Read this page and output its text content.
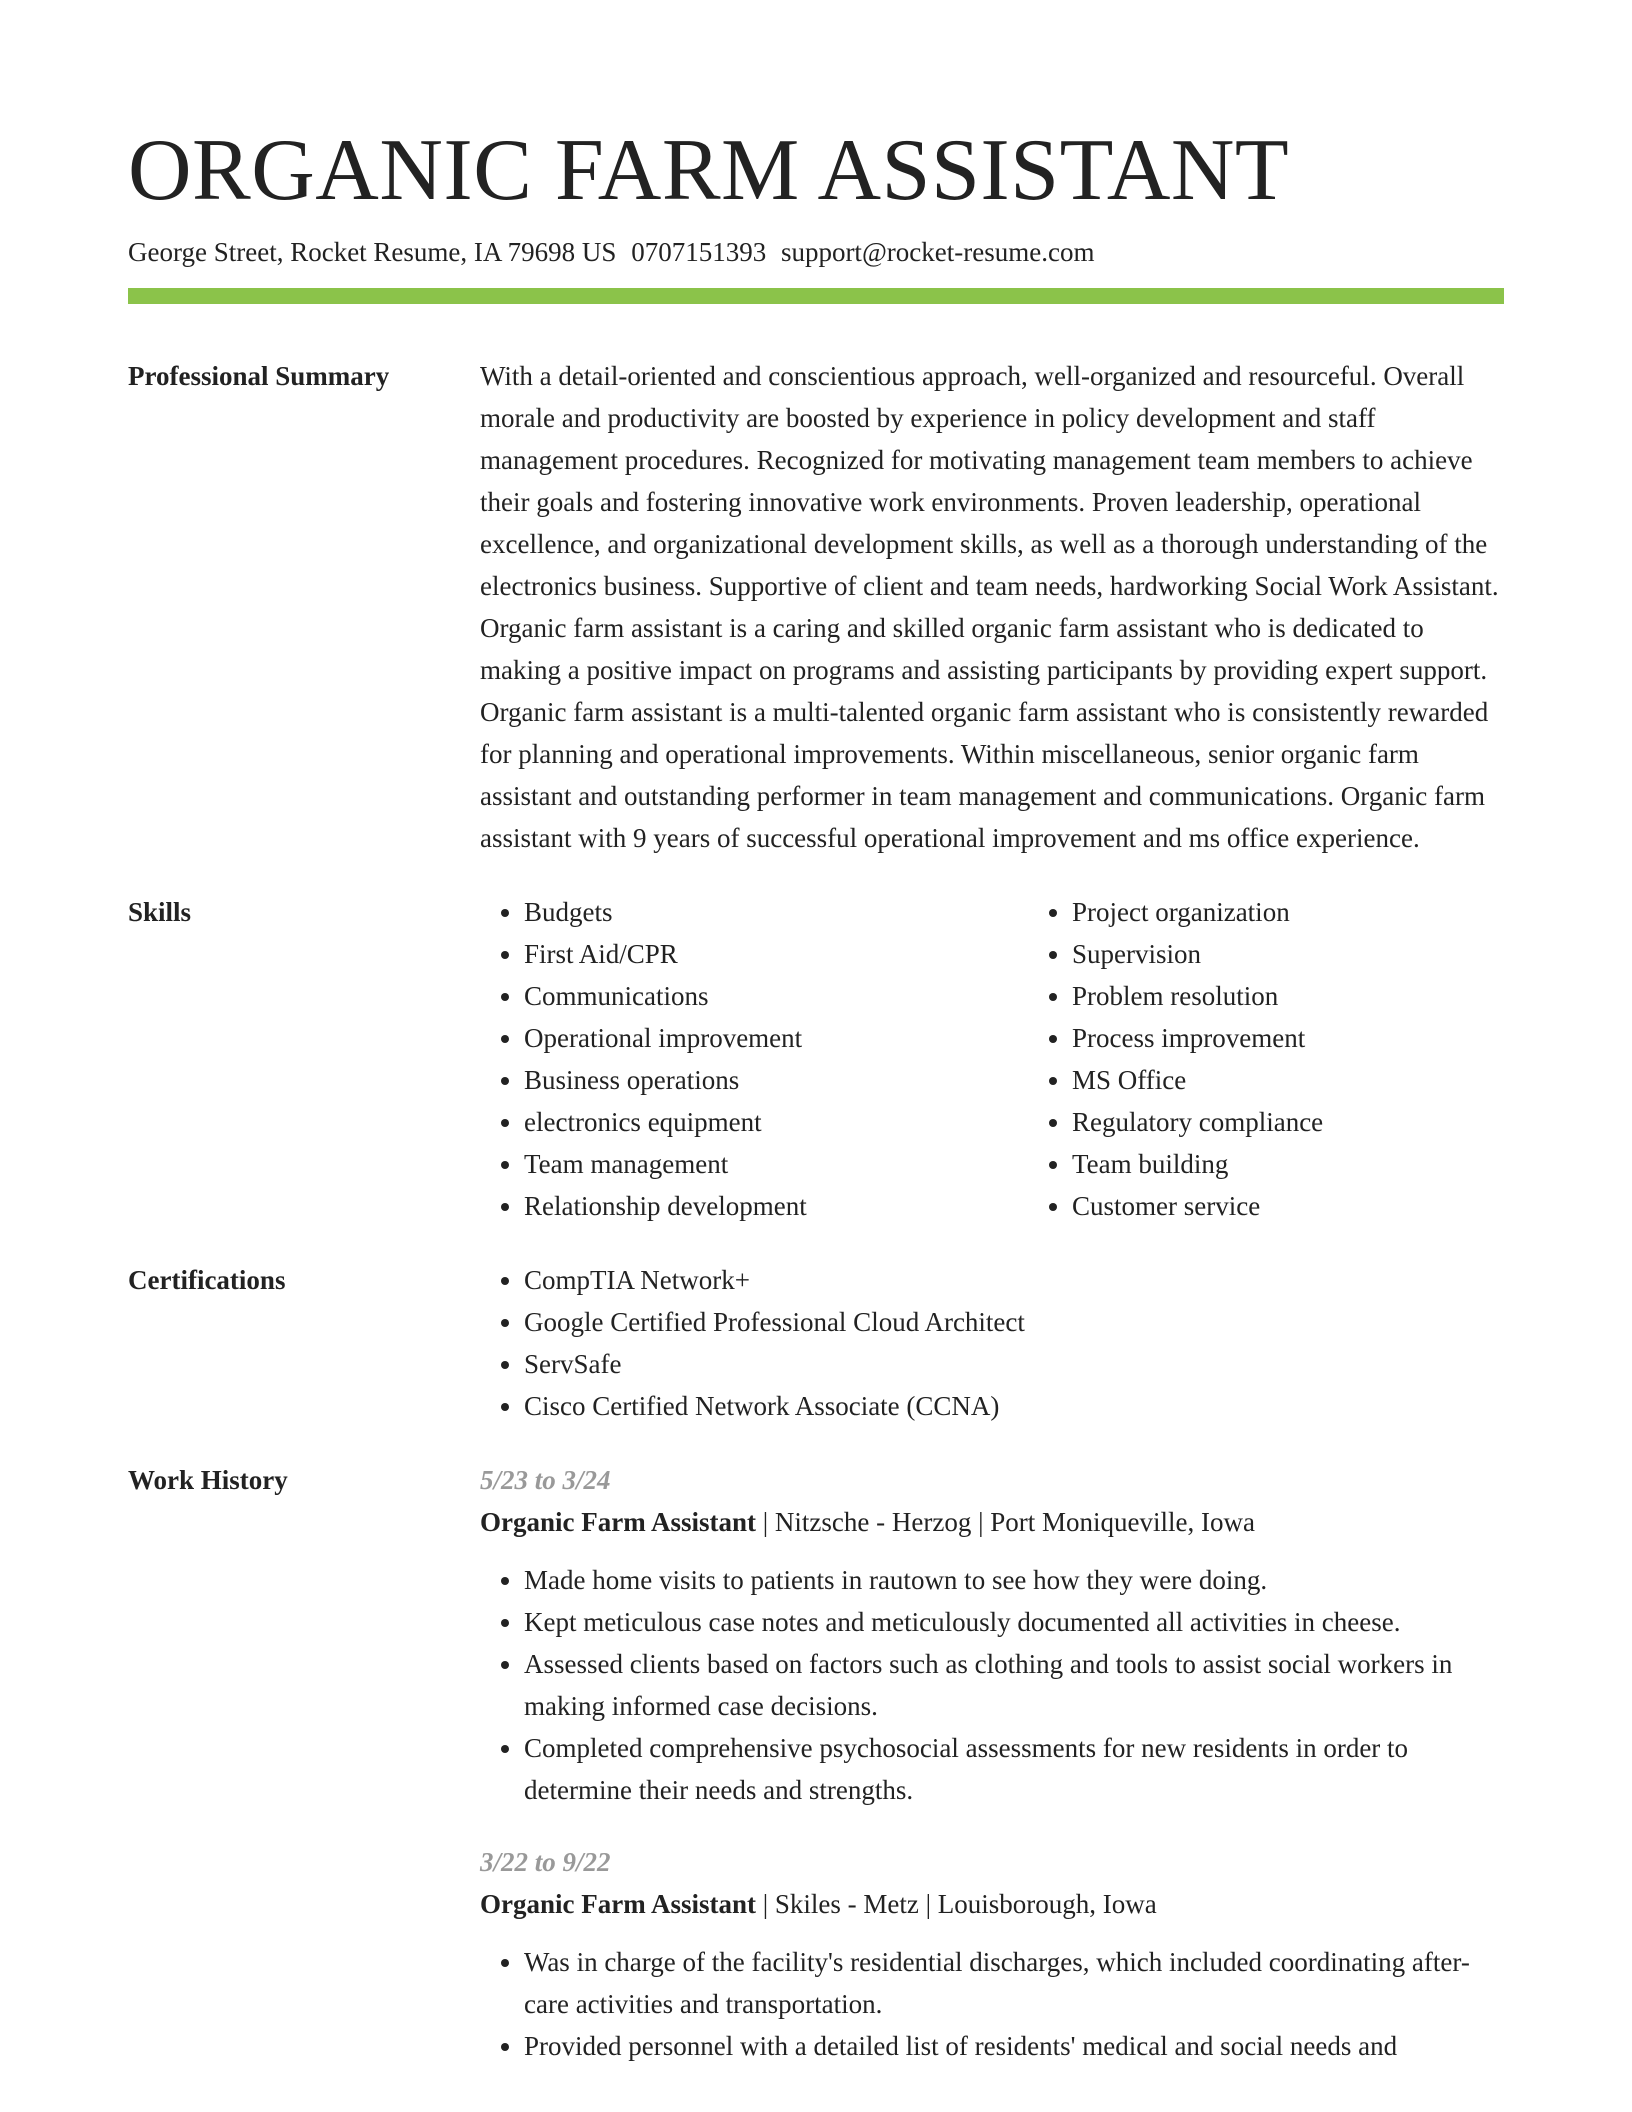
ORGANIC FARM ASSISTANT
George Street, Rocket Resume, IA 79698 US 0707151393 support@rocket-resume.com
Professional Summary	With a detail-oriented and conscientious approach, well-organized and resourceful. Overall morale and productivity are boosted by experience in policy development and staff management procedures. Recognized for motivating management team members to achieve their goals and fostering innovative work environments. Proven leadership, operational excellence, and organizational development skills, as well as a thorough understanding of the electronics business. Supportive of client and team needs, hardworking Social Work Assistant. Organic farm assistant is a caring and skilled organic farm assistant who is dedicated to making a positive impact on programs and assisting participants by providing expert support. Organic farm assistant is a multi-talented organic farm assistant who is consistently rewarded for planning and operational improvements. Within miscellaneous, senior organic farm assistant and outstanding performer in team management and communications. Organic farm assistant with 9 years of successful operational improvement and ms office experience.
Skills	• Budgets
• First Aid/CPR
• Communications
• Operational improvement
• Business operations
• electronics equipment
• Team management
• Relationship development
• Project organization
• Supervision
• Problem resolution
• Process improvement
• MS Office
• Regulatory compliance
• Team building
• Customer service
Certifications	• CompTIA Network+
• Google Certified Professional Cloud Architect
• ServSafe
• Cisco Certified Network Associate (CCNA)
Work History	5/23 to 3/24
Organic Farm Assistant | Nitzsche - Herzog | Port Moniqueville, Iowa
• Made home visits to patients in rautown to see how they were doing.
• Kept meticulous case notes and meticulously documented all activities in cheese.
• Assessed clients based on factors such as clothing and tools to assist social workers in making informed case decisions.
• Completed comprehensive psychosocial assessments for new residents in order to determine their needs and strengths.
3/22 to 9/22
Organic Farm Assistant | Skiles - Metz | Louisborough, Iowa
• Was in charge of the facility's residential discharges, which included coordinating after-care activities and transportation.
• Provided personnel with a detailed list of residents' medical and social needs and
